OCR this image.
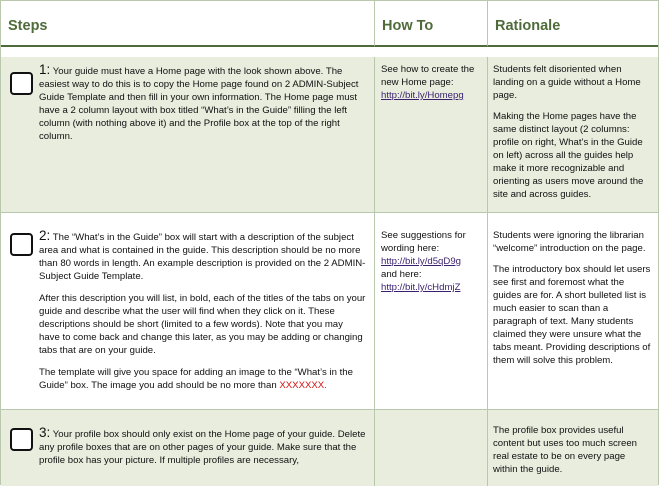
Steps	How To	Rationale

1: Your guide must have a Home page with the look shown above. The easiest way to do this is to copy the Home page found on 2 ADMIN-Subject Guide Template and then fill in your own information. The Home page must have a 2 column layout with box titled “What’s in the Guide” filling the left column (with nothing above it) and the Profile box at the top of the right column.

See how to create the new Home page:

http://bit.ly/Homepg

Students felt disoriented when landing on a guide without a Home page.

Making the Home pages have the same distinct layout (2 columns: profile on right, What’s in the Guide on left) across all the guides help make it more recognizable and orienting as users move around the site and across guides.

2: The “What’s in the Guide” box will start with a description of the subject area and what is contained in the guide. This description should be no more than 80 words in length. An example description is provided on the 2 ADMIN-Subject Guide Template.

After this description you will list, in bold, each of the titles of the tabs on your guide and describe what the user will find when they click on it. These descriptions should be short (limited to a few words). Note that you may have to come back and change this later, as you may be adding or changing tabs that are on your guide.

The template will give you space for adding an image to the “What’s in the Guide” box. The image you add should be no more than XXXXXXX.

See suggestions for wording here:

http://bit.ly/d5qD9g

and here:

http://bit.ly/cHdmjZ

Students were ignoring the librarian “welcome” introduction on the page.

The introductory box should let users see first and foremost what the guides are for. A short bulleted list is much easier to scan than a paragraph of text. Many students claimed they were unsure what the tabs meant. Providing descriptions of them will solve this problem.

3: Your profile box should only exist on the Home page of your guide. Delete any profile boxes that are on other pages of your guide. Make sure that the profile box has your picture. If multiple profiles are necessary,

The profile box provides useful content but uses too much screen real estate to be on every page within the guide.
